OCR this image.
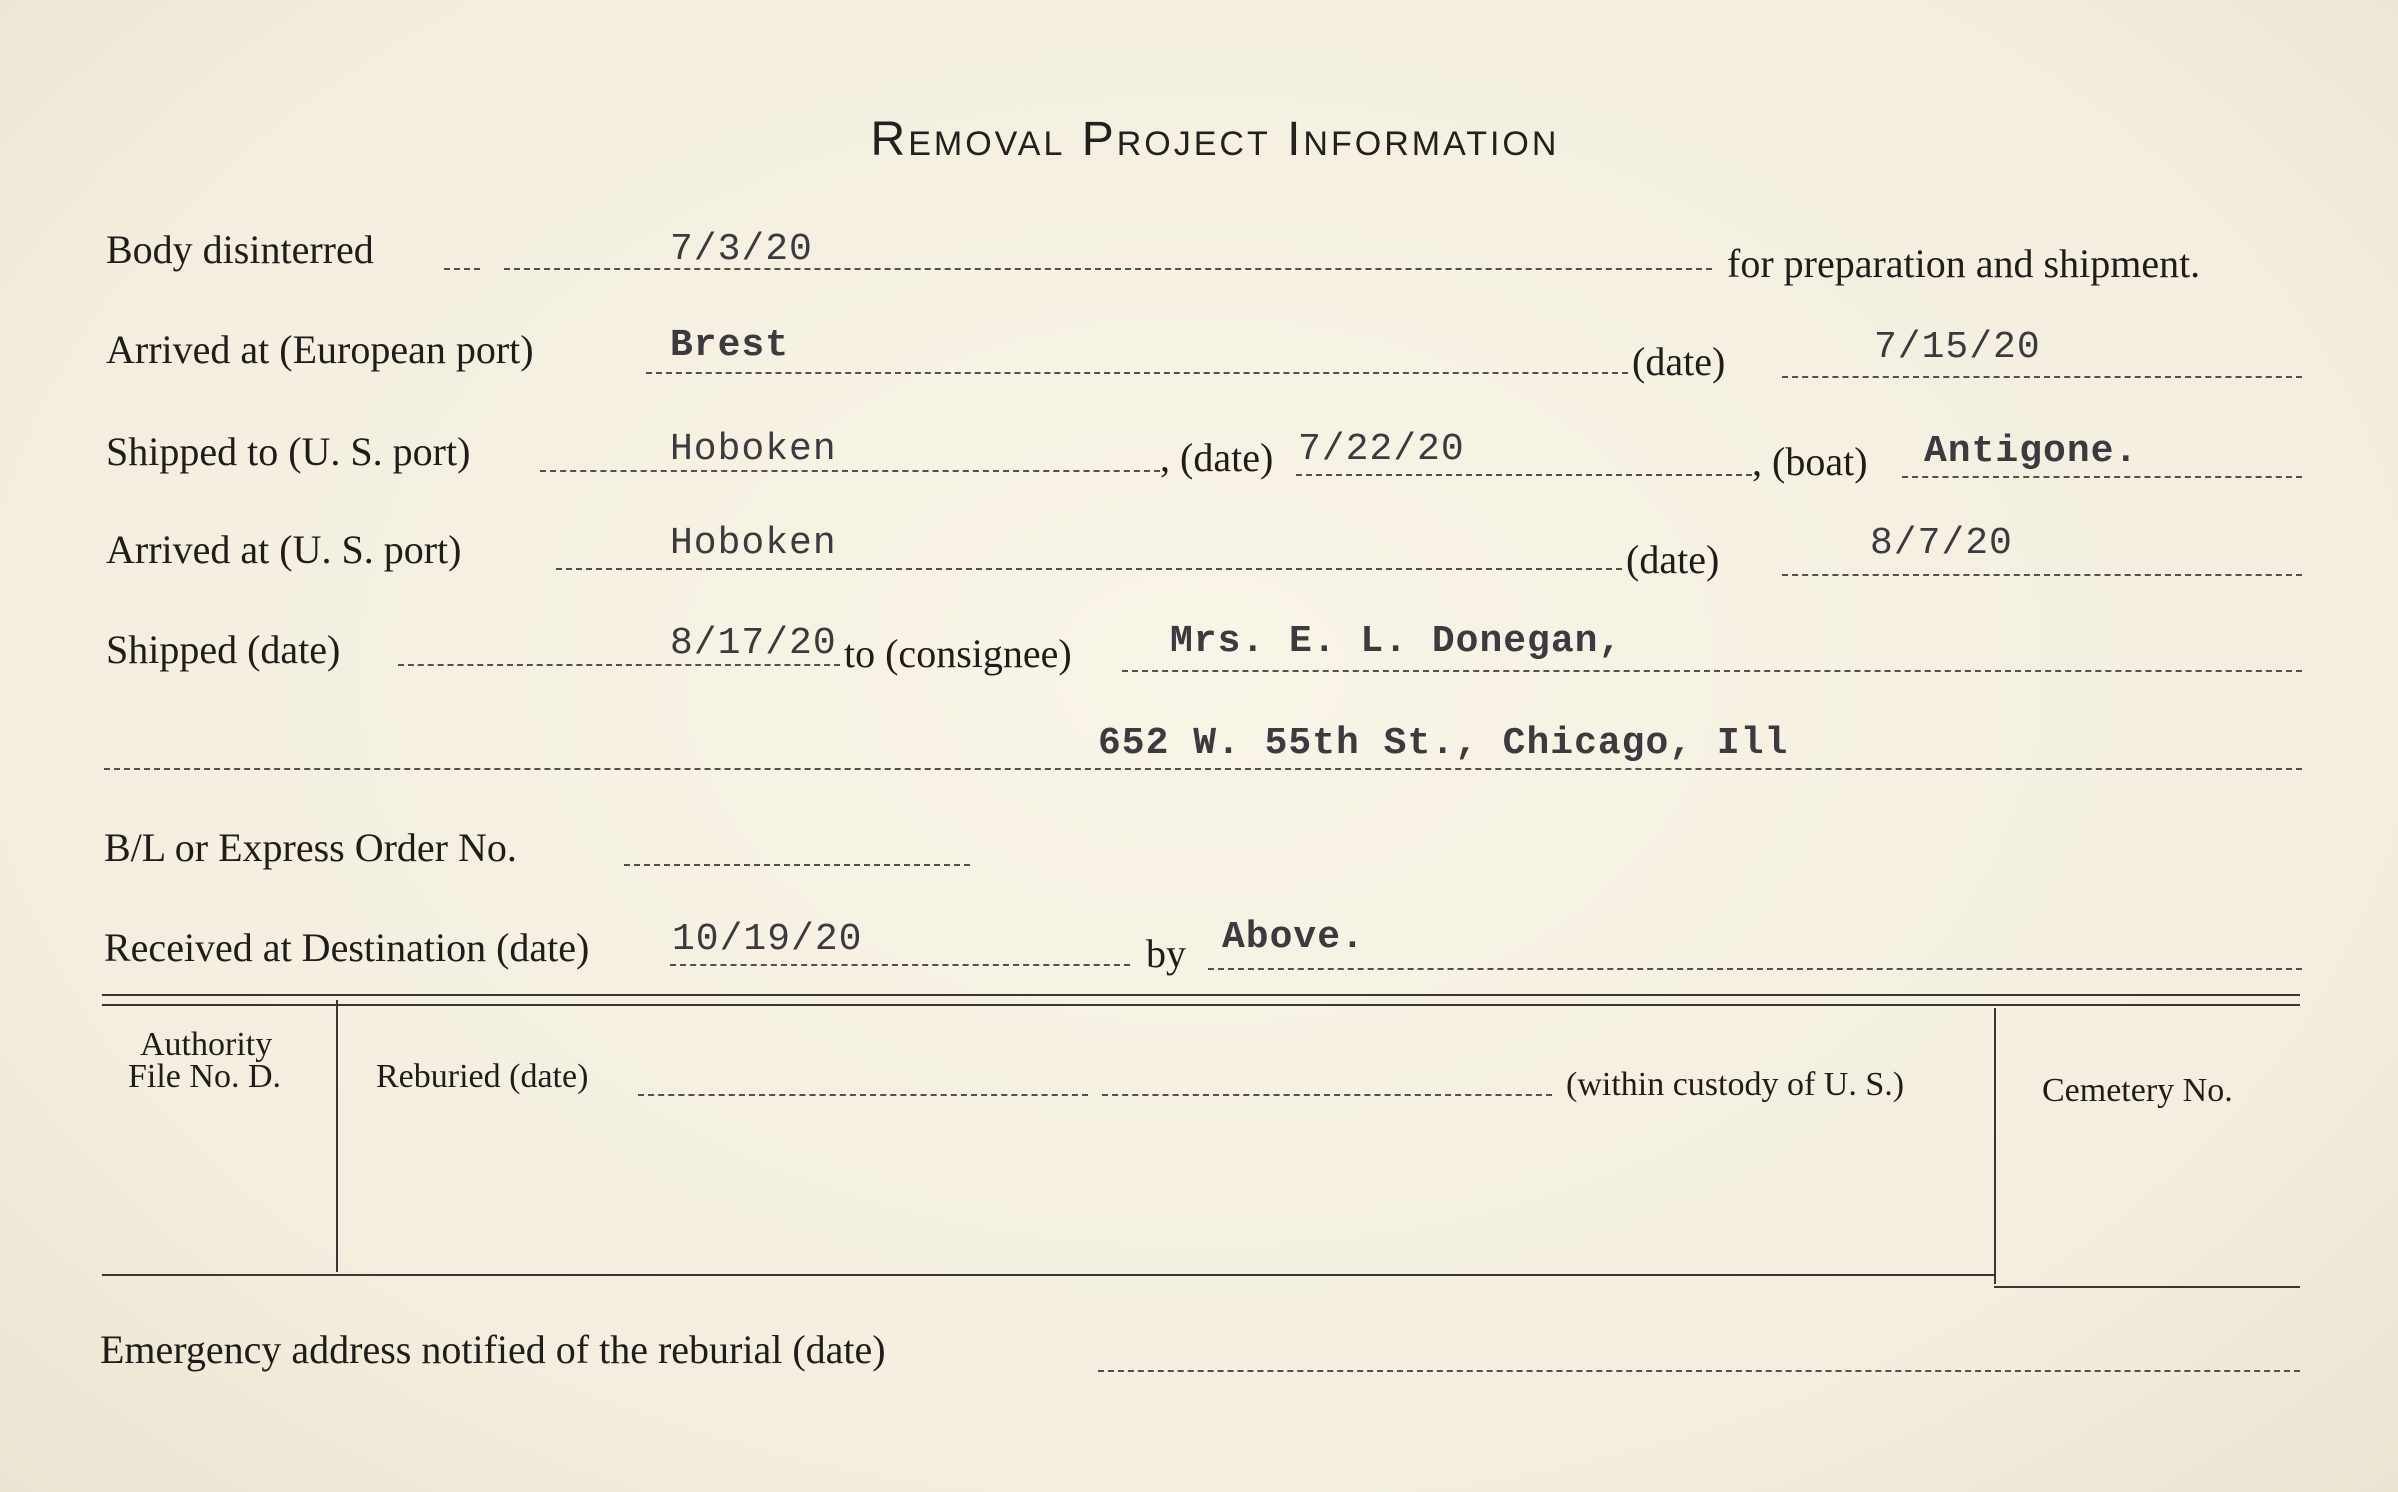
Removal Project Information
Body disinterred	7/3/20	for preparation and shipment.
Arrived at (European port)	Brest	(date)	7/15/20
Shipped to (U. S. port)	Hoboken	, (date) 7/22/20	, (boat) Antigone.
Arrived at (U. S. port)	Hoboken	(date)	8/7/20
Shipped (date)	8/17/20 to (consignee)	Mrs. E. L. Donegan,
652 W. 55th St., Chicago, Ill
B/L or Express Order No.
Received at Destination (date) 10/19/20	by Above.
Authority
File No. D.	Reburied (date)	(within custody of U. S.)	Cemetery No.
Emergency address notified of the reburial (date)
